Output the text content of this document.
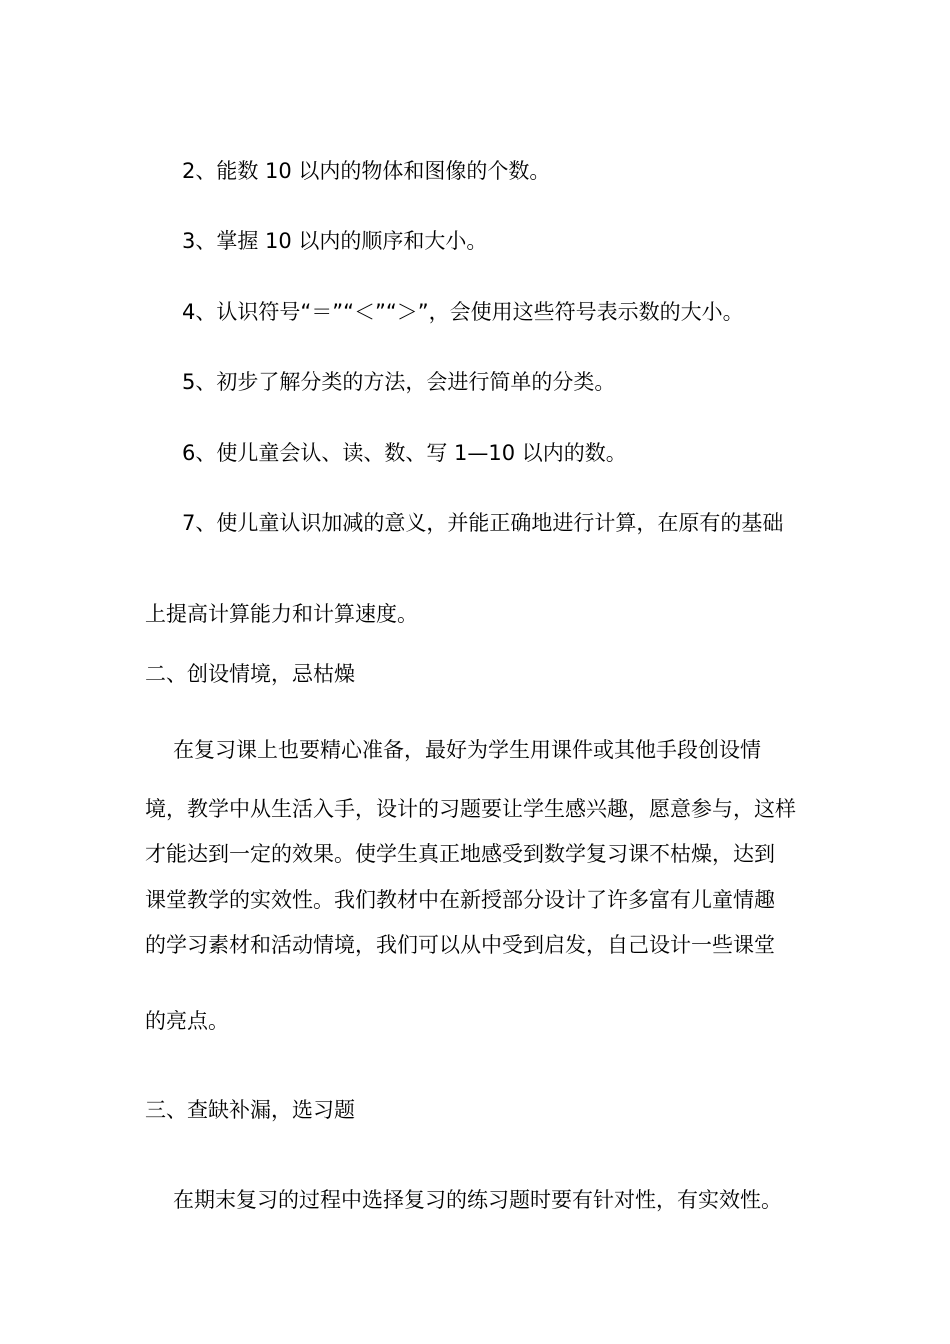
2、能数 10 以内的物体和图像的个数。

3、掌握 10 以内的顺序和大小。

4、认识符号“＝”“＜”“＞”，会使用这些符号表示数的大小。

5、初步了解分类的方法，会进行简单的分类。

6、使儿童会认、读、数、写 1—10 以内的数。

7、使儿童认识加减的意义，并能正确地进行计算，在原有的基础

上提高计算能力和计算速度。

二、创设情境，忌枯燥

在复习课上也要精心准备，最好为学生用课件或其他手段创设情

境，教学中从生活入手，设计的习题要让学生感兴趣，愿意参与，这样

才能达到一定的效果。使学生真正地感受到数学复习课不枯燥，达到

课堂教学的实效性。我们教材中在新授部分设计了许多富有儿童情趣

的学习素材和活动情境，我们可以从中受到启发，自己设计一些课堂

的亮点。

三、查缺补漏，选习题

在期末复习的过程中选择复习的练习题时要有针对性，有实效性。
